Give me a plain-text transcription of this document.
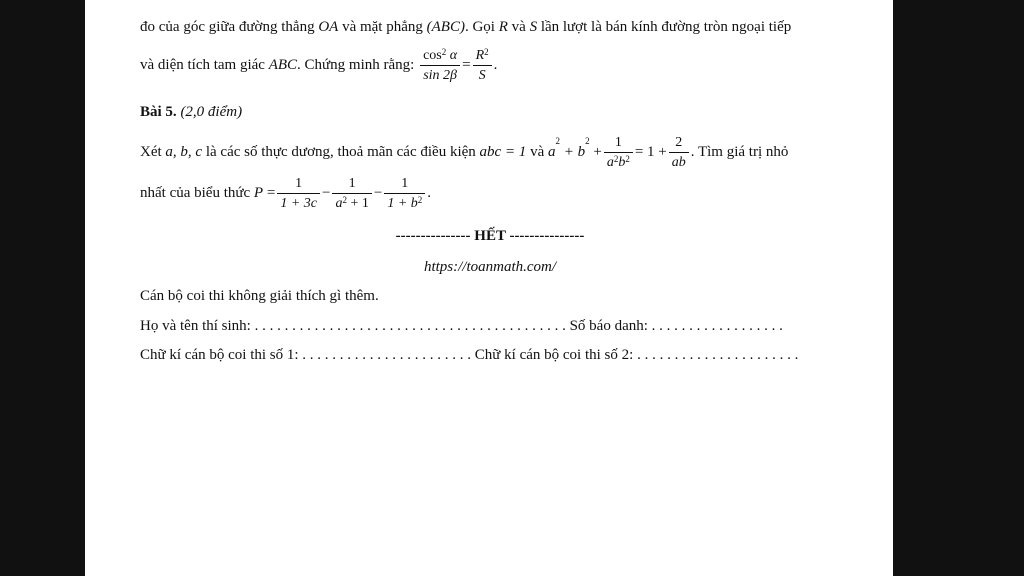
đo của góc giữa đường thẳng OA và mặt phẳng (ABC). Gọi R và S lần lượt là bán kính đường tròn ngoại tiếp
và diện tích tam giác ABC. Chứng minh rằng: $\frac{\cos^2 \alpha}{\sin 2\beta} = \frac{R^2}{S}$ .
Bài 5. (2,0 điểm)
Xét a, b, c là các số thực dương, thoả mãn các điều kiện abc = 1 và $a^2 + b^2 + \frac{1}{a^2b^2} = 1 + \frac{2}{ab}$ . Tìm giá trị nhỏ
nhất của biểu thức $P = \frac{1}{1 + 3c} - \frac{1}{a^2 + 1} - \frac{1}{1 + b^2}$ .
--------------- HẾT ---------------
https://toanmath.com/
Cán bộ coi thi không giải thích gì thêm.
Họ và tên thí sinh: . . . . . . . . . . . . . . . . . . . . . . . . . . . . . . . . . . . . . . . . . . Số báo danh: . . . . . . . . . . . . . . . . . .
Chữ kí cán bộ coi thi số 1: . . . . . . . . . . . . . . . . . . . . . . . Chữ kí cán bộ coi thi số 2: . . . . . . . . . . . . . . . . . . . . . .
